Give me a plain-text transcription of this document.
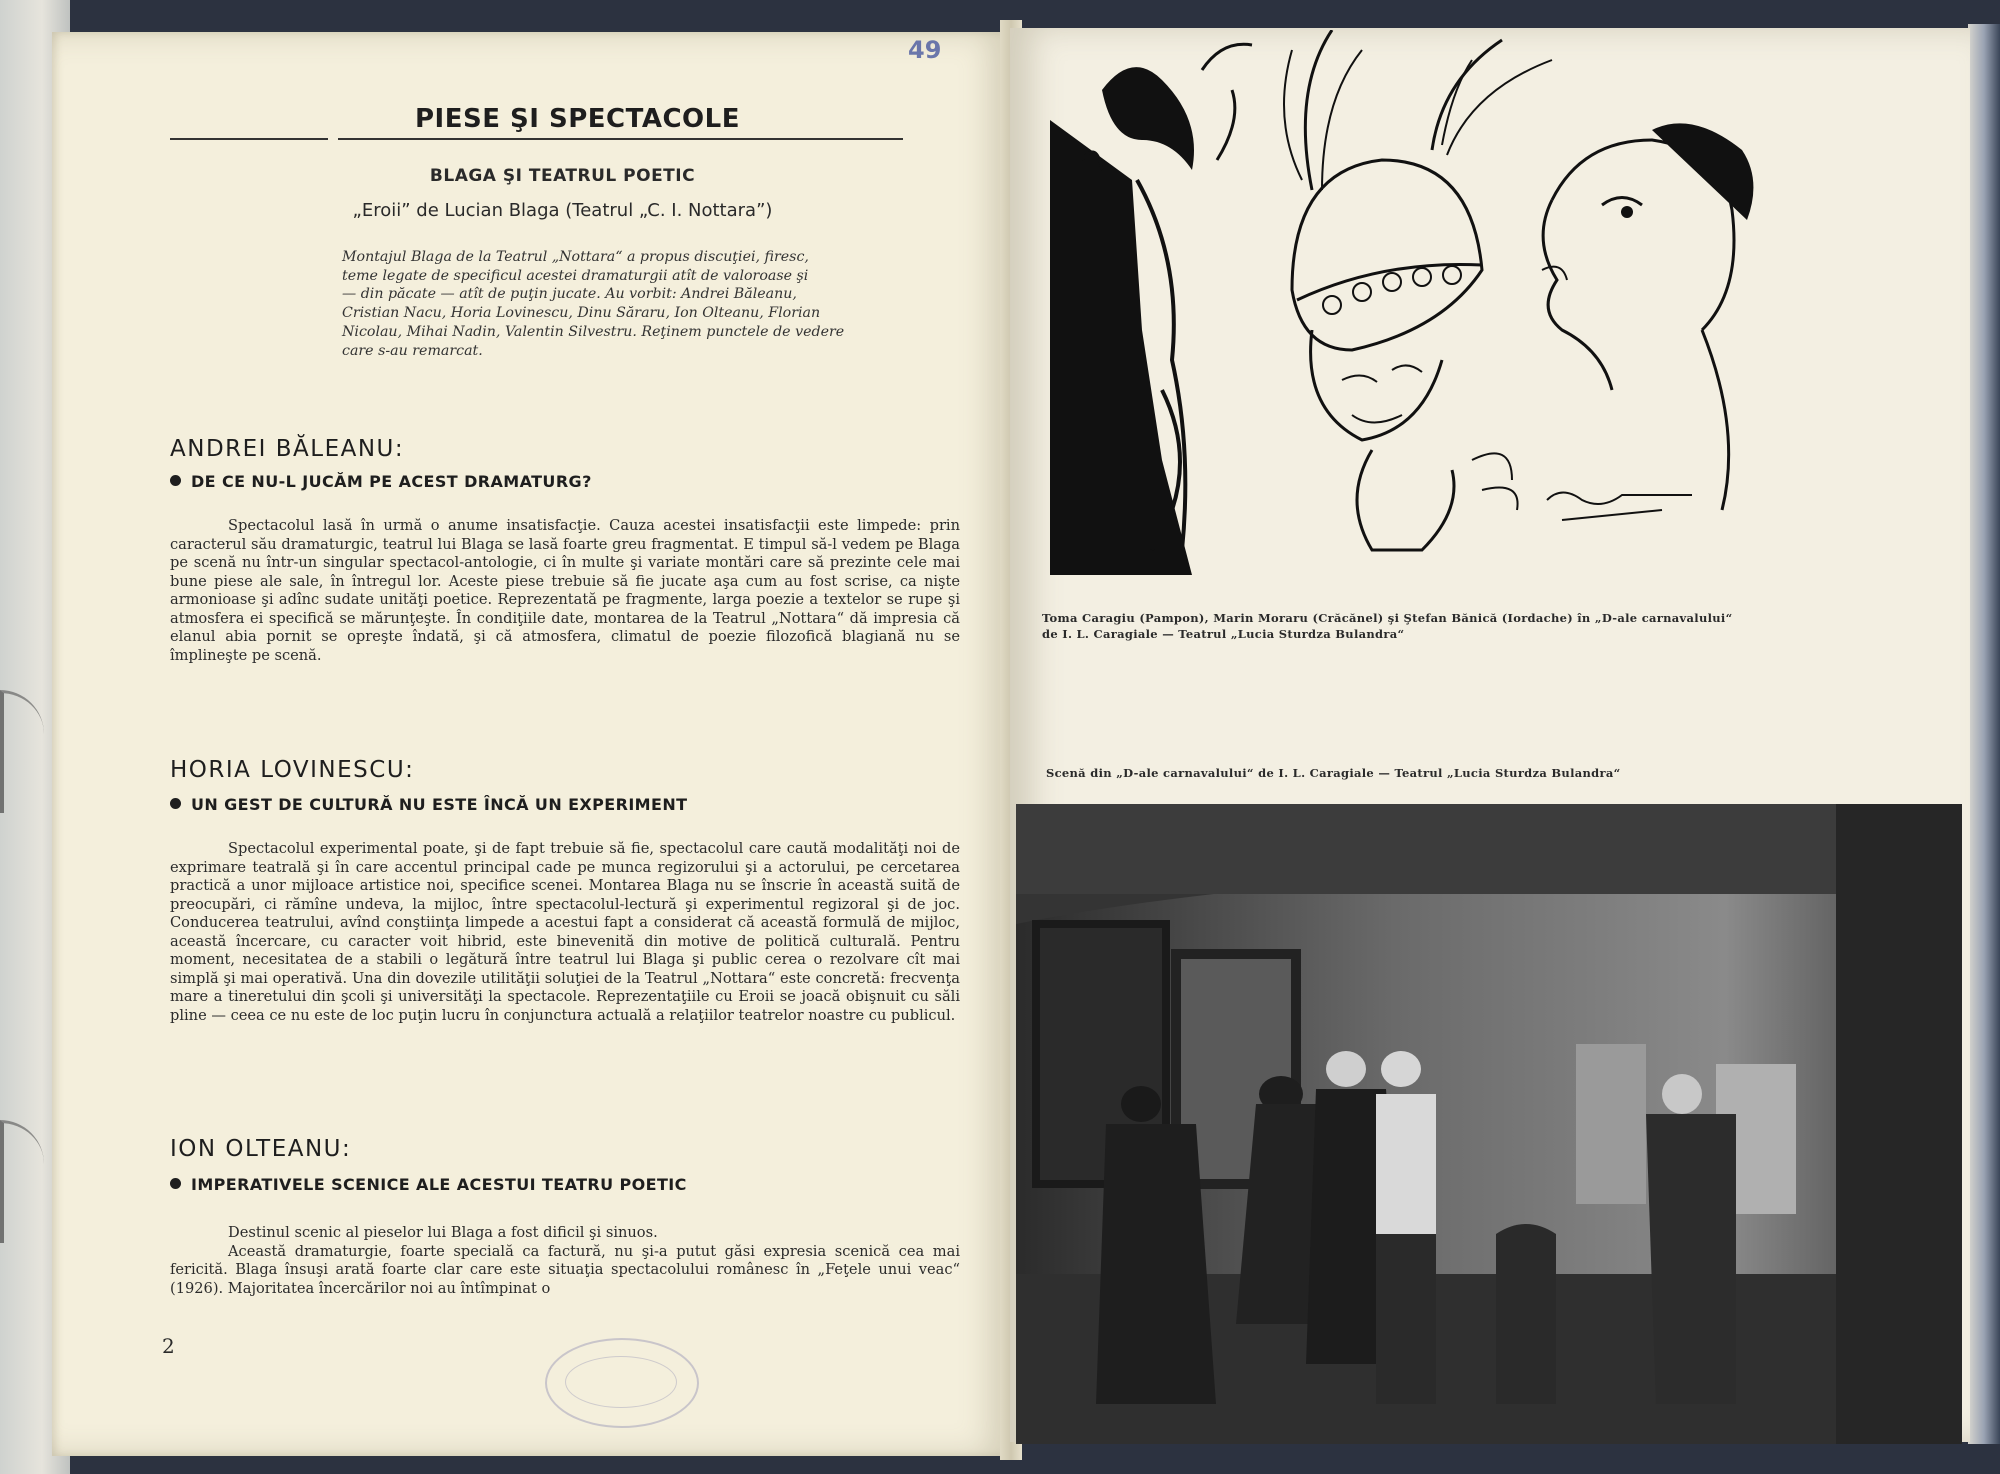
49
PIESE ŞI SPECTACOLE
BLAGA ŞI TEATRUL POETIC
„Eroii” de Lucian Blaga (Teatrul „C. I. Nottara”)
Montajul Blaga de la Teatrul „Nottara“ a propus discuţiei, firesc,
teme legate de specificul acestei dramaturgii atît de valoroase şi
— din păcate — atît de puţin jucate. Au vorbit: Andrei Băleanu,
Cristian Nacu, Horia Lovinescu, Dinu Săraru, Ion Olteanu, Florian
Nicolau, Mihai Nadin, Valentin Silvestru. Reţinem punctele de vedere
care s-au remarcat.
ANDREI BĂLEANU:
DE CE NU-L JUCĂM PE ACEST DRAMATURG?

Spectacolul lasă în urmă o anume insatisfacţie. Cauza acestei insatisfacţii este limpede: prin caracterul său dramaturgic, teatrul lui Blaga se lasă foarte greu fragmentat. E timpul să-l vedem pe Blaga pe scenă nu într-un singular spectacol-antologie, ci în multe şi variate montări care să prezinte cele mai bune piese ale sale, în întregul lor. Aceste piese trebuie să fie jucate aşa cum au fost scrise, ca nişte armonioase şi adînc sudate unităţi poetice. Reprezentată pe fragmente, larga poezie a textelor se rupe şi atmosfera ei specifică se mărunţeşte. În condiţiile date, montarea de la Teatrul „Nottara“ dă impresia că elanul abia pornit se opreşte îndată, şi că atmosfera, climatul de poezie filozofică blagiană nu se împlineşte pe scenă.

HORIA LOVINESCU:
UN GEST DE CULTURĂ NU ESTE ÎNCĂ UN EXPERIMENT

Spectacolul experimental poate, şi de fapt trebuie să fie, spectacolul care caută modalităţi noi de exprimare teatrală şi în care accentul principal cade pe munca regizorului şi a actorului, pe cercetarea practică a unor mijloace artistice noi, specifice scenei. Montarea Blaga nu se înscrie în această suită de preocupări, ci rămîne undeva, la mijloc, între spectacolul-lectură şi experimentul regizoral şi de joc. Conducerea teatrului, avînd conştiinţa limpede a acestui fapt a considerat că această formulă de mijloc, această încercare, cu caracter voit hibrid, este binevenită din motive de politică culturală. Pentru moment, necesitatea de a stabili o legătură între teatrul lui Blaga şi public cerea o rezolvare cît mai simplă şi mai operativă. Una din dovezile utilităţii soluţiei de la Teatrul „Nottara“ este concretă: frecvenţa mare a tineretului din şcoli şi universităţi la spectacole. Reprezentaţiile cu Eroii se joacă obişnuit cu săli pline — ceea ce nu este de loc puţin lucru în conjunctura actuală a relaţiilor teatrelor noastre cu publicul.

ION OLTEANU:
IMPERATIVELE SCENICE ALE ACESTUI TEATRU POETIC

Destinul scenic al pieselor lui Blaga a fost dificil şi sinuos.

Această dramaturgie, foarte specială ca factură, nu şi-a putut găsi expresia scenică cea mai fericită. Blaga însuşi arată foarte clar care este situaţia spectacolului românesc în „Feţele unui veac“ (1926). Majoritatea încercărilor noi au întîmpinat o

2
Toma Caragiu (Pampon), Marin Moraru (Crăcănel) şi Ştefan Bănică (Iordache) în „D-ale carnavalului“
de I. L. Caragiale — Teatrul „Lucia Sturdza Bulandra“
Scenă din „D-ale carnavalului“ de I. L. Caragiale — Teatrul „Lucia Sturdza Bulandra“
